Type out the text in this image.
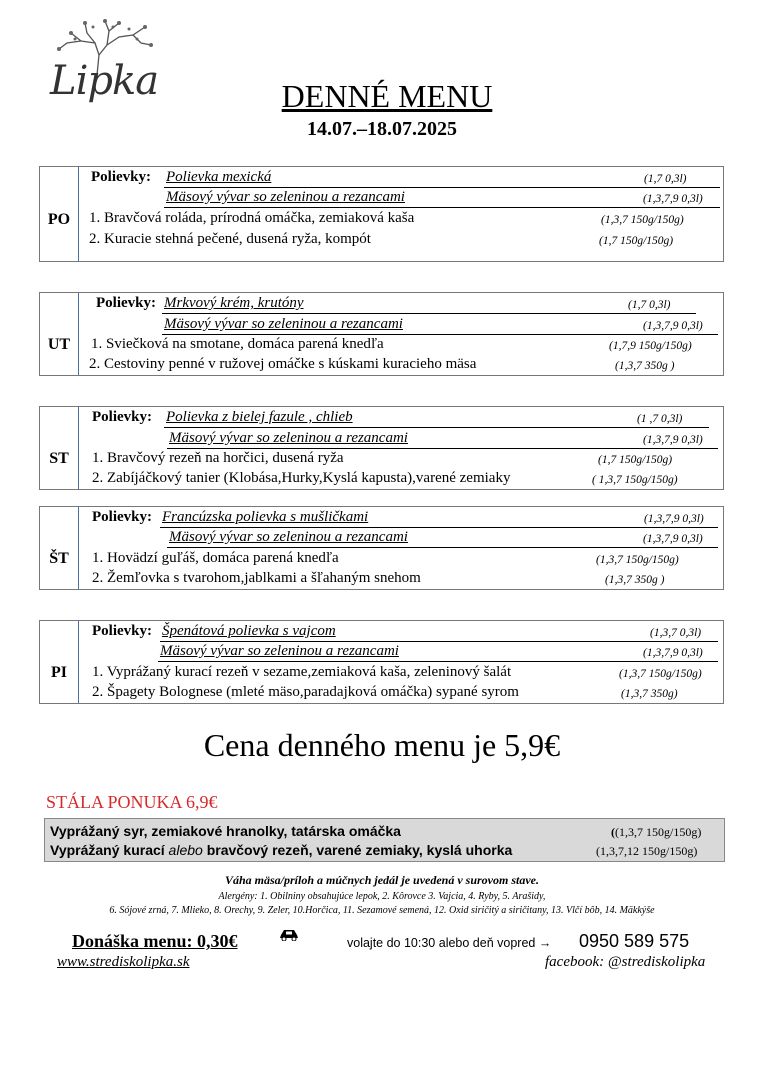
Lipka	DENNÉ MENU
14.07.–18.07.2025
PO
Polievky: Polievka mexická	(1,7 0,3l)
Mäsový vývar so zeleninou a rezancami	(1,3,7,9 0,3l)
1. Bravčová roláda, prírodná omáčka, zemiaková kaša	(1,3,7 150g/150g)
2. Kuracie stehná pečené, dusená ryža, kompót	(1,7 150g/150g)
UT
Polievky: Mrkvový krém, krutóny	(1,7 0,3l)
Mäsový vývar so zeleninou a rezancami	(1,3,7,9 0,3l)
1. Sviečková na smotane, domáca parená knedľa	(1,7,9 150g/150g)
2. Cestoviny penné v ružovej omáčke s kúskami kuracieho mäsa	(1,3,7 350g )
ST
Polievky: Polievka z bielej fazule , chlieb	(1 ,7 0,3l)
Mäsový vývar so zeleninou a rezancami	(1,3,7,9 0,3l)
1. Bravčový rezeň na horčici, dusená ryža	(1,7 150g/150g)
2. Zabíjáčkový tanier (Klobása,Hurky,Kyslá kapusta),varené zemiaky	( 1,3,7 150g/150g)
ŠT
Polievky: Francúzska polievka s mušličkami	(1,3,7,9 0,3l)
Mäsový vývar so zeleninou a rezancami	(1,3,7,9 0,3l)
1. Hovädzí guľáš, domáca parená knedľa	(1,3,7 150g/150g)
2. Žemľovka s tvarohom,jablkami a šľahaným snehom	(1,3,7 350g )
PI
Polievky: Špenátová polievka s vajcom	(1,3,7 0,3l)
Mäsový vývar so zeleninou a rezancami	(1,3,7,9 0,3l)
1. Vyprážaný kurací rezeň v sezame,zemiaková kaša, zeleninový šalát	(1,3,7 150g/150g)
2. Špagety Bolognese (mleté mäso,paradajková omáčka) sypané syrom	(1,3,7 350g)
Cena denného menu je 5,9€
STÁLA PONUKA 6,9€
Vyprážaný syr, zemiakové hranolky, tatárska omáčka	((1,3,7 150g/150g)
Vyprážaný kurací alebo bravčový rezeň, varené zemiaky, kyslá uhorka	(1,3,7,12 150g/150g)
Váha mäsa/príloh a múčnych jedál je uvedená v surovom stave.
Alergény: 1. Obilniny obsahujúce lepok, 2. Kôrovce 3. Vajcia, 4. Ryby, 5. Arašidy,
6. Sójové zrná, 7. Mlieko, 8. Orechy, 9. Zeler, 10.Horčica, 11. Sezamové semená, 12. Oxid siričitý a siričitany, 13. Vlčí bôb, 14. Mäkkýše
Donáška menu: 0,30€	volajte do 10:30 alebo deň vopred → 0950 589 575
www.strediskolipka.sk	facebook: @strediskolipka
